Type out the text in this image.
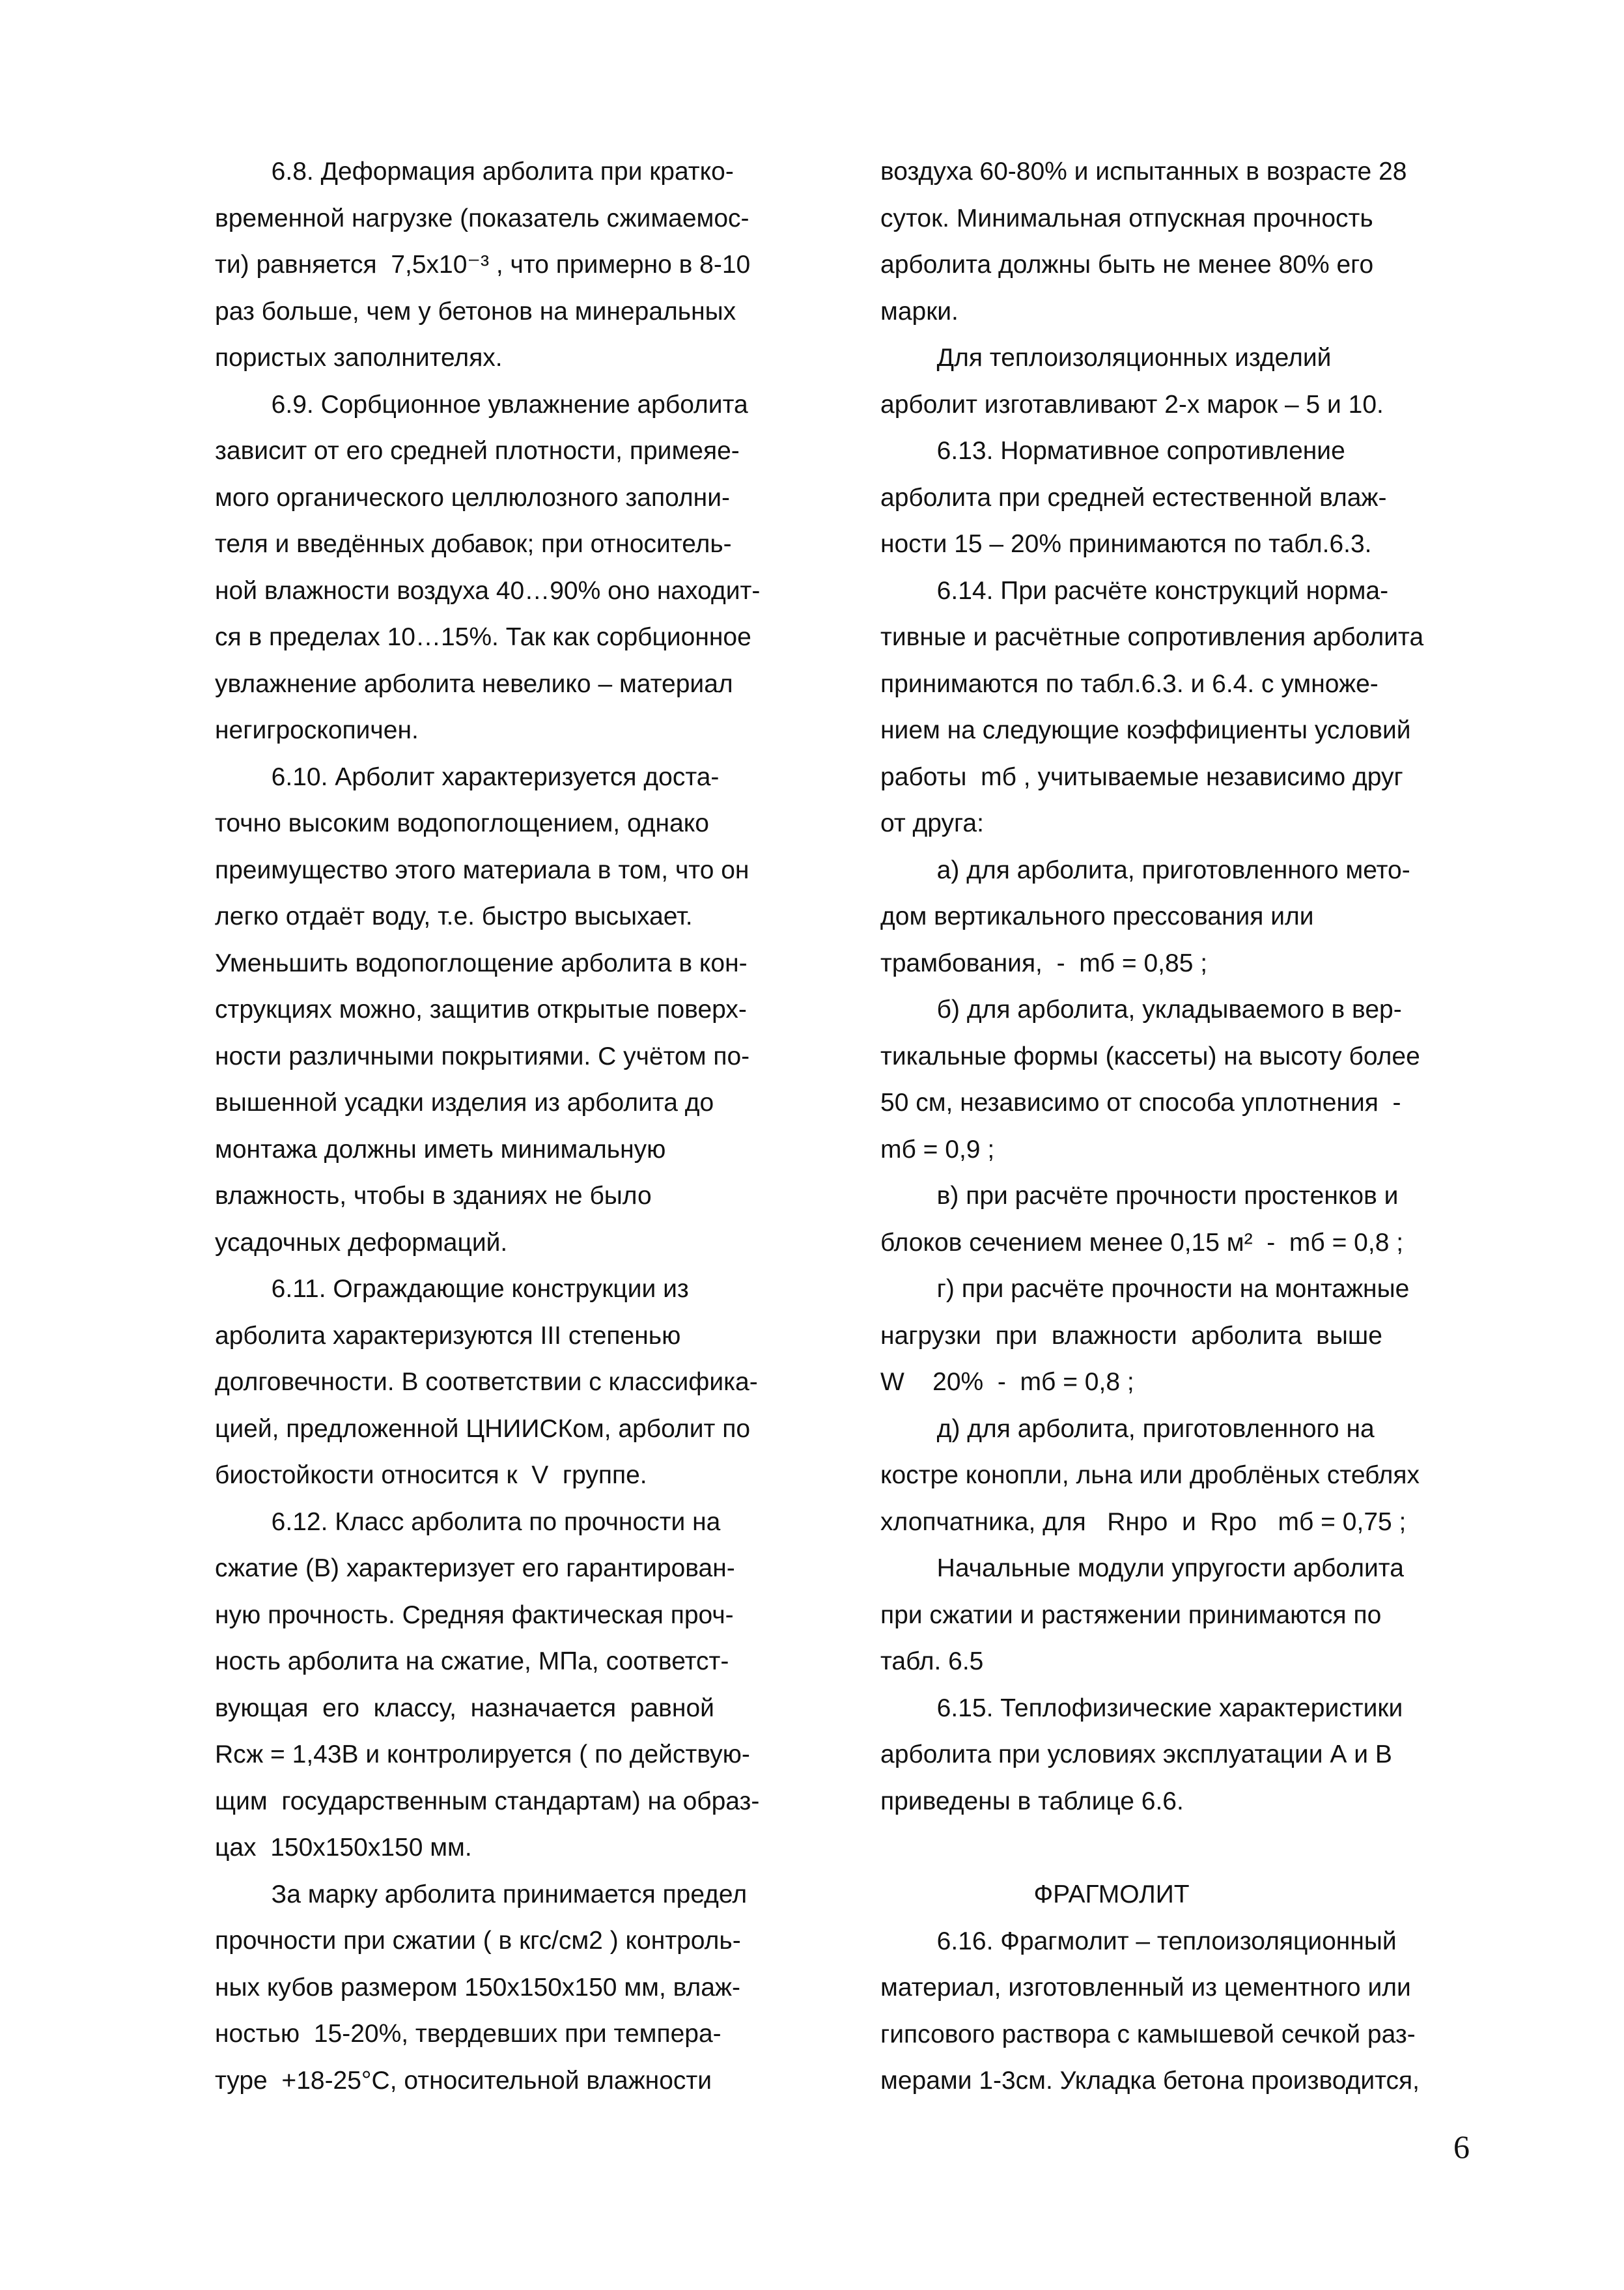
6.8. Деформация арболита при кратко-
временной нагрузке (показатель сжимаемос-
ти) равняется  7,5х10⁻³ , что примерно в 8-10
раз больше, чем у бетонов на минеральных
пористых заполнителях.
6.9. Сорбционное увлажнение арболита
зависит от его средней плотности, примеяе-
мого органического целлюлозного заполни-
теля и введённых добавок; при относитель-
ной влажности воздуха 40…90% оно находит-
ся в пределах 10…15%. Так как сорбционное
увлажнение арболита невелико – материал
негигроскопичен.
6.10. Арболит характеризуется доста-
точно высоким водопоглощением, однако
преимущество этого материала в том, что он
легко отдаёт воду, т.е. быстро высыхает.
Уменьшить водопоглощение арболита в кон-
струкциях можно, защитив открытые поверх-
ности различными покрытиями. С учётом по-
вышенной усадки изделия из арболита до
монтажа должны иметь минимальную
влажность, чтобы в зданиях не было
усадочных деформаций.
6.11. Ограждающие конструкции из
арболита характеризуются III степенью
долговечности. В соответствии с классифика-
цией, предложенной ЦНИИСКом, арболит по
биостойкости относится к  V  группе.
6.12. Класс арболита по прочности на
сжатие (В) характеризует его гарантирован-
ную прочность. Средняя фактическая проч-
ность арболита на сжатие, МПа, соответст-
вующая  его  классу,  назначается  равной
Rсж = 1,43В и контролируется ( по действую-
щим  государственным стандартам) на образ-
цах  150х150х150 мм.
За марку арболита принимается предел
прочности при сжатии ( в кгс/см2 ) контроль-
ных кубов размером 150х150х150 мм, влаж-
ностью  15-20%, твердевших при темпера-
туре  +18-25°С, относительной влажности
воздуха 60-80% и испытанных в возрасте 28
суток. Минимальная отпускная прочность
арболита должны быть не менее 80% его
марки.
Для теплоизоляционных изделий
арболит изготавливают 2-х марок – 5 и 10.
6.13. Нормативное сопротивление
арболита при средней естественной влаж-
ности 15 – 20% принимаются по табл.6.3.
6.14. При расчёте конструкций норма-
тивные и расчётные сопротивления арболита
принимаются по табл.6.3. и 6.4. с умноже-
нием на следующие коэффициенты условий
работы  mб , учитываемые независимо друг
от друга:
а) для арболита, приготовленного мето-
дом вертикального прессования или
трамбования,  -  mб = 0,85 ;
б) для арболита, укладываемого в вер-
тикальные формы (кассеты) на высоту более
50 см, независимо от способа уплотнения  -
mб = 0,9 ;
в) при расчёте прочности простенков и
блоков сечением менее 0,15 м²  -  mб = 0,8 ;
г) при расчёте прочности на монтажные
нагрузки  при  влажности  арболита  выше
W    20%  -  mб = 0,8 ;
д) для арболита, приготовленного на
костре конопли, льна или дроблёных стеблях
хлопчатника, для   Rнро  и  Rро   mб = 0,75 ;
Начальные модули упругости арболита
при сжатии и растяжении принимаются по
табл. 6.5
6.15. Теплофизические характеристики
арболита при условиях эксплуатации А и В
приведены в таблице 6.6.
ФРАГМОЛИТ
6.16. Фрагмолит – теплоизоляционный
материал, изготовленный из цементного или
гипсового раствора с камышевой сечкой раз-
мерами 1-3см. Укладка бетона производится,
6
